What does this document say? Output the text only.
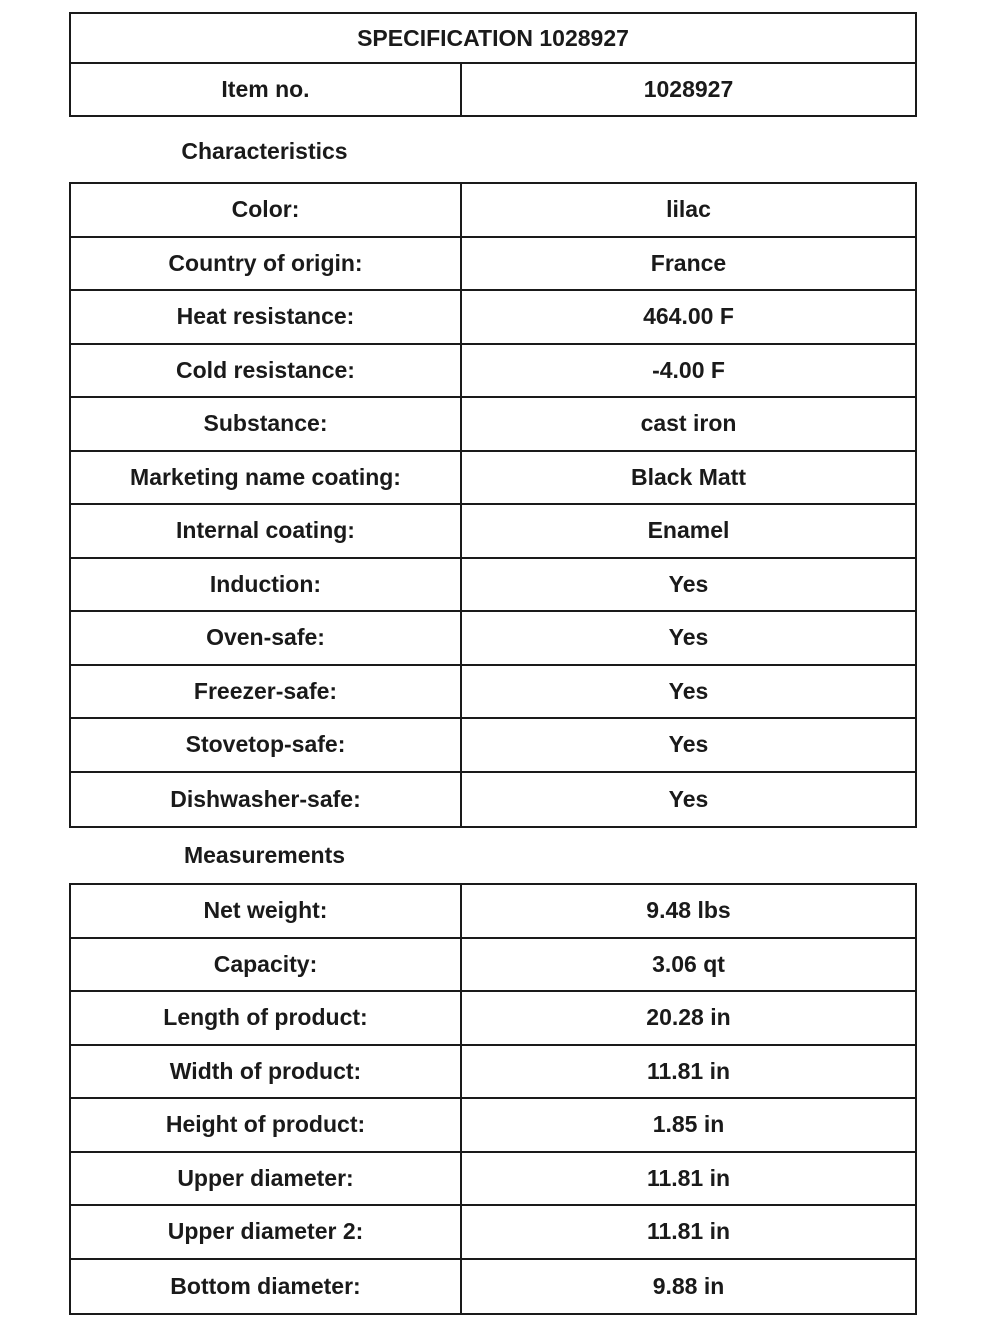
SPECIFICATION 1028927
Item no.	1028927
Characteristics
Color:	lilac
Country of origin:	France
Heat resistance:	464.00 F
Cold resistance:	-4.00 F
Substance:	cast iron
Marketing name coating:	Black Matt
Internal coating:	Enamel
Induction:	Yes
Oven-safe:	Yes
Freezer-safe:	Yes
Stovetop-safe:	Yes
Dishwasher-safe:	Yes
Measurements
Net weight:	9.48 lbs
Capacity:	3.06 qt
Length of product:	20.28 in
Width of product:	11.81 in
Height of product:	1.85 in
Upper diameter:	11.81 in
Upper diameter 2:	11.81 in
Bottom diameter:	9.88 in
